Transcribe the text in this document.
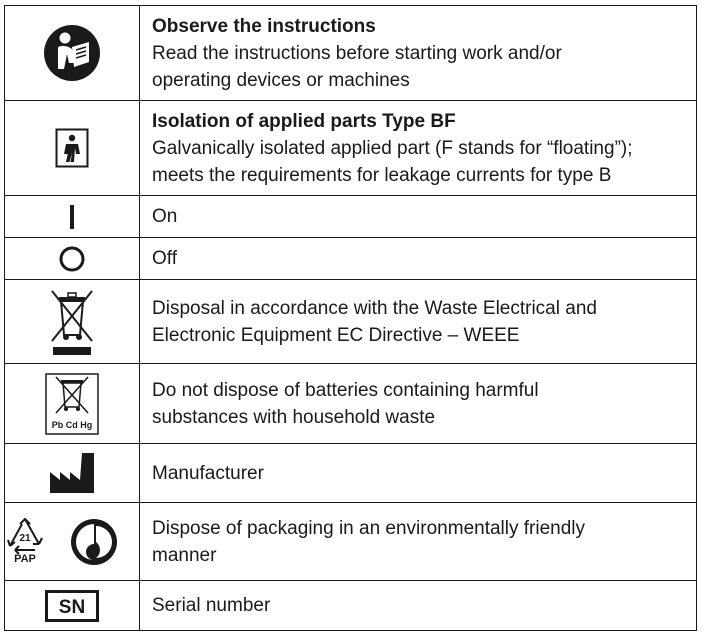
Observe the instructions
Read the instructions before starting work and/or
operating devices or machines

Isolation of applied parts Type BF
Galvanically isolated applied part (F stands for “floating”);
meets the requirements for leakage currents for type B

On

Off

Disposal in accordance with the Waste Electrical and
Electronic Equipment EC Directive – WEEE

Pb Cd Hg	Do not dispose of batteries containing harmful
substances with household waste

Manufacturer

21
PAP	Dispose of packaging in an environmentally friendly
manner

SN	Serial number
